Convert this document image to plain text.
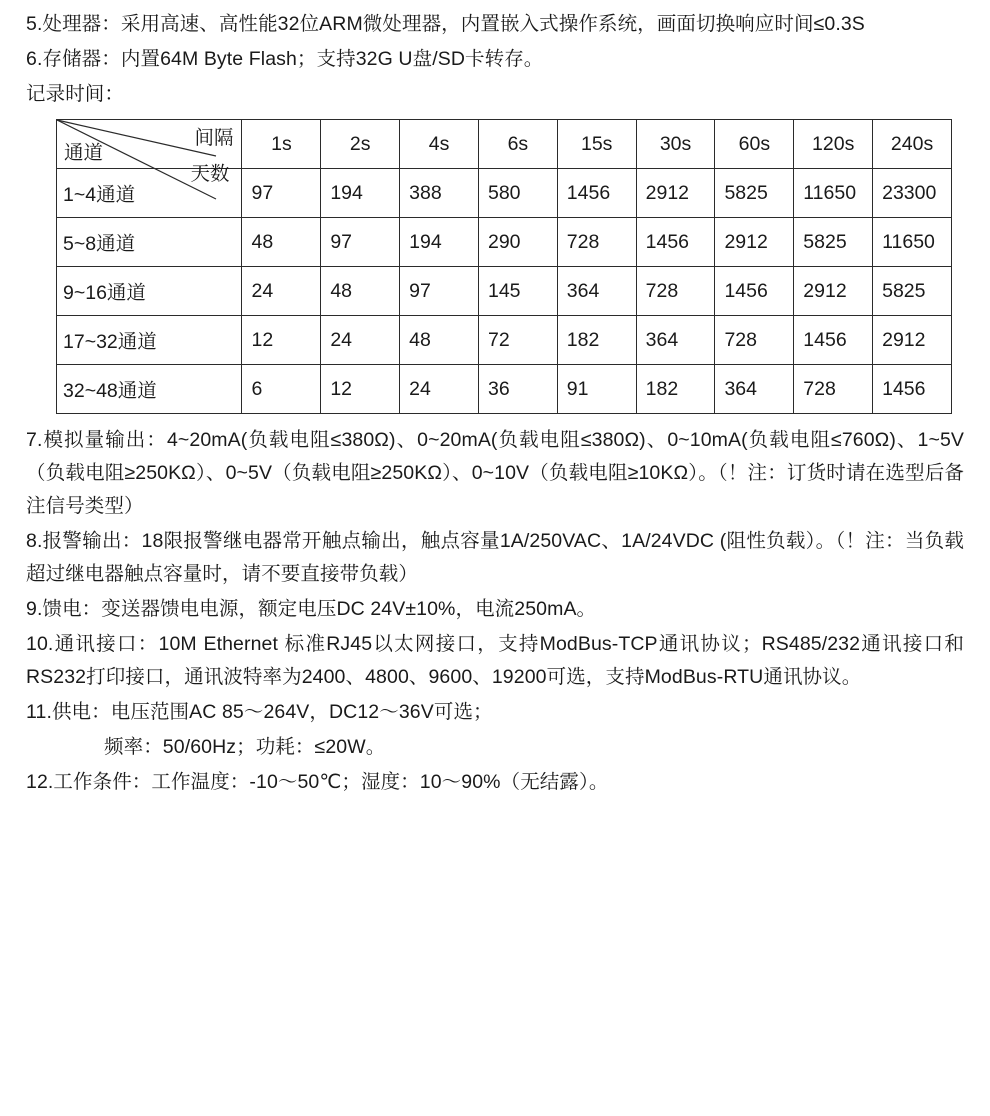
5.处理器：采用高速、高性能32位ARM微处理器，内置嵌入式操作系统，画面切换响应时间≤0.3S

6.存储器：内置64M Byte Flash；支持32G U盘/SD卡转存。

记录时间：

间隔
天数
通道	1s	2s	4s	6s	15s	30s	60s	120s	240s
1~4通道	97	194	388	580	1456	2912	5825	11650	23300
5~8通道	48	97	194	290	728	1456	2912	5825	11650
9~16通道	24	48	97	145	364	728	1456	2912	5825
17~32通道	12	24	48	72	182	364	728	1456	2912
32~48通道	6	12	24	36	91	182	364	728	1456

7.模拟量输出：4~20mA(负载电阻≤380Ω)、0~20mA(负载电阻≤380Ω)、0~10mA(负载电阻≤760Ω)、1~5V（负载电阻≥250KΩ）、0~5V（负载电阻≥250KΩ）、0~10V（负载电阻≥10KΩ）。（！注：订货时请在选型后备注信号类型）

8.报警输出：18限报警继电器常开触点输出，触点容量1A/250VAC、1A/24VDC (阻性负载）。（！注：当负载超过继电器触点容量时，请不要直接带负载）

9.馈电：变送器馈电电源，额定电压DC 24V±10%，电流250mA。

10.通讯接口：10M Ethernet 标准RJ45以太网接口，支持ModBus-TCP通讯协议；RS485/232通讯接口和RS232打印接口，通讯波特率为2400、4800、9600、19200可选，支持ModBus-RTU通讯协议。

11.供电：电压范围AC 85～264V，DC12～36V可选；

频率：50/60Hz；功耗：≤20W。

12.工作条件：工作温度：-10～50℃；湿度：10～90%（无结露）。
